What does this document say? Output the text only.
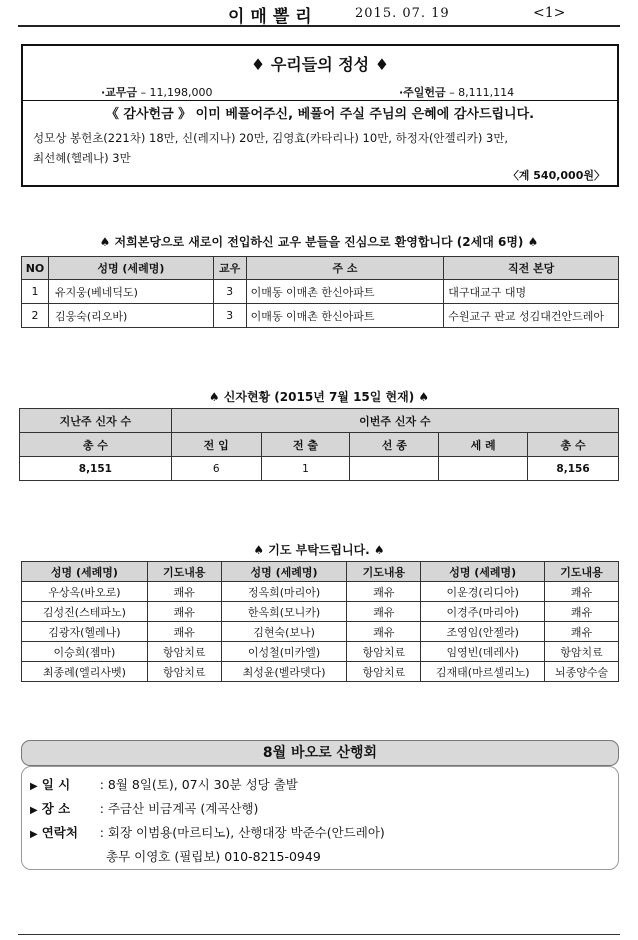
이매뽈리	2015. 07. 19	<1>
♦ 우리들의 정성 ♦
·교무금 – 11,198,000	·주일헌금 – 8,111,114
《 감사헌금 》 이미 베풀어주신, 베풀어 주실 주님의 은혜에 감사드립니다.
성모상 봉헌초(221차) 18만, 신(레지나) 20만, 김영효(카타리나) 10만, 하정자(안젤리카) 3만,
최선혜(헬레나) 3만
〈계 540,000원〉
♠ 저희본당으로 새로이 전입하신 교우 분들을 진심으로 환영합니다 (2세대 6명) ♠
NO	성명 (세례명)	교우	주 소	직전 본당
1	유지웅(베네딕도)	3	이매동 이매촌 한신아파트	대구대교구 대명
2	김웅숙(리오바)	3	이매동 이매촌 한신아파트	수원교구 판교 성김대건안드레아
♠ 신자현황 (2015년 7월 15일 현재) ♠
지난주 신자 수	이번주 신자 수				
총 수	전 입	전 출	선 종	세 례	총 수
8,151	6	1			8,156
♠ 기도 부탁드립니다. ♠
성명 (세례명)	기도내용	성명 (세례명)	기도내용	성명 (세례명)	기도내용
우상옥(바오로)	쾌유	정옥희(마리아)	쾌유	이운경(리디아)	쾌유
김성진(스테파노)	쾌유	한옥희(모니카)	쾌유	이경주(마리아)	쾌유
김광자(헬레나)	쾌유	김현숙(보나)	쾌유	조영임(안젤라)	쾌유
이승희(젬마)	항암치료	이성철(미카엘)	항암치료	임영빈(데레사)	항암치료
최종례(엘리사벳)	항암치료	최성윤(벨라뎃다)	항암치료	김재태(마르셀리노)	뇌종양수술
8월 바오로 산행회
▶ 일 시 : 8월 8일(토), 07시 30분 성당 출발
▶ 장 소 : 주금산 비금계곡 (계곡산행)
▶ 연락처 : 회장 이범용(마르티노), 산행대장 박준수(안드레아)
총무 이영호 (필립보) 010-8215-0949
